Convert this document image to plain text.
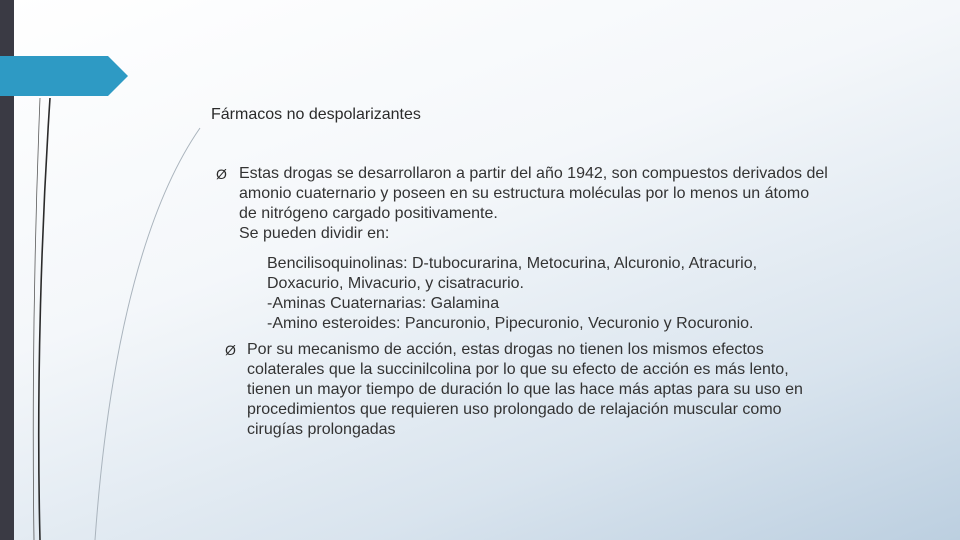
Fármacos no despolarizantes
Ø Estas drogas se desarrollaron a partir del año 1942, son compuestos derivados del
amonio cuaternario y poseen en su estructura moléculas por lo menos un átomo
de nitrógeno cargado positivamente.
Se pueden dividir en:
Bencilisoquinolinas: D-tubocurarina, Metocurina, Alcuronio, Atracurio,
Doxacurio, Mivacurio, y cisatracurio.
-Aminas Cuaternarias: Galamina
-Amino esteroides: Pancuronio, Pipecuronio, Vecuronio y Rocuronio.
Ø Por su mecanismo de acción, estas drogas no tienen los mismos efectos
colaterales que la succinilcolina por lo que su efecto de acción es más lento,
tienen un mayor tiempo de duración lo que las hace más aptas para su uso en
procedimientos que requieren uso prolongado de relajación muscular como
cirugías prolongadas
